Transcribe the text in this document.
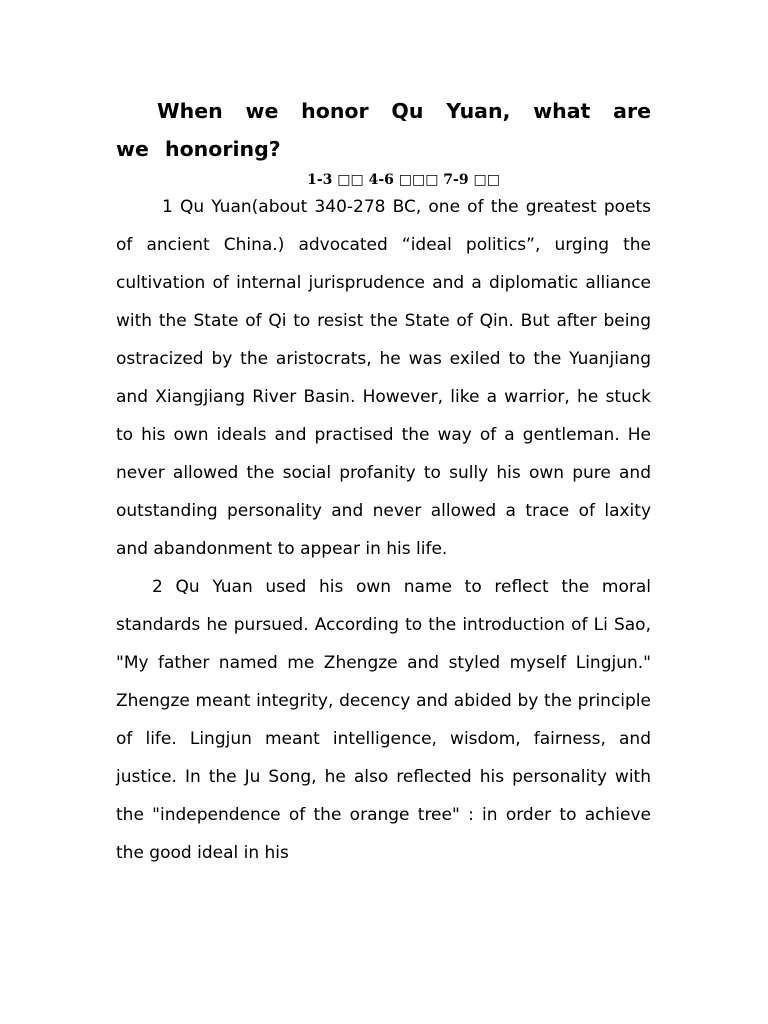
When we honor Qu Yuan, what are we honoring?
1-3 □□ 4-6 □□□ 7-9 □□

1 Qu Yuan(about 340-278 BC, one of the greatest poets of ancient China.) advocated “ideal politics”, urging the cultivation of internal jurisprudence and a diplomatic alliance with the State of Qi to resist the State of Qin. But after being ostracized by the aristocrats, he was exiled to the Yuanjiang and Xiangjiang River Basin. However, like a warrior, he stuck to his own ideals and practised the way of a gentleman. He never allowed the social profanity to sully his own pure and outstanding personality and never allowed a trace of laxity and abandonment to appear in his life.

2 Qu Yuan used his own name to reflect the moral standards he pursued. According to the introduction of Li Sao, "My father named me Zhengze and styled myself Lingjun." Zhengze meant integrity, decency and abided by the principle of life. Lingjun meant intelligence, wisdom, fairness, and justice. In the Ju Song, he also reflected his personality with the "independence of the orange tree" : in order to achieve the good ideal in his
